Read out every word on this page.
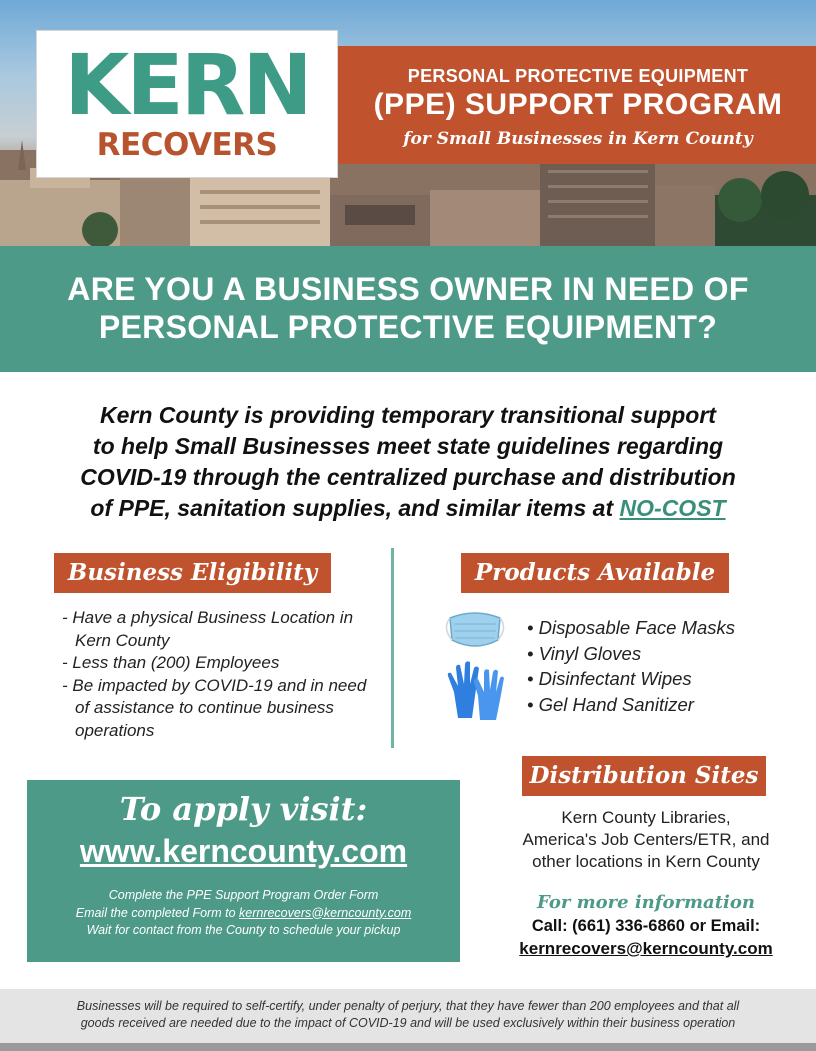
KERN
RECOVERS
PERSONAL PROTECTIVE EQUIPMENT
(PPE) SUPPORT PROGRAM
for Small Businesses in Kern County
ARE YOU A BUSINESS OWNER IN NEED OF
PERSONAL PROTECTIVE EQUIPMENT?
Kern County is providing temporary transitional support
to help Small Businesses meet state guidelines regarding
COVID-19 through the centralized purchase and distribution
of PPE, sanitation supplies, and similar items at NO-COST
Business Eligibility
- Have a physical Business Location in Kern County
- Less than (200) Employees
- Be impacted by COVID-19 and in need of assistance to continue business operations
Products Available
• Disposable Face Masks
• Vinyl Gloves
• Disinfectant Wipes
• Gel Hand Sanitizer
To apply visit:
www.kerncounty.com
Complete the PPE Support Program Order Form
Email the completed Form to kernrecovers@kerncounty.com
Wait for contact from the County to schedule your pickup
Distribution Sites
Kern County Libraries,
America's Job Centers/ETR, and
other locations in Kern County
For more information
Call: (661) 336-6860 or Email:
kernrecovers@kerncounty.com
Businesses will be required to self-certify, under penalty of perjury, that they have fewer than 200 employees and that all
goods received are needed due to the impact of COVID-19 and will be used exclusively within their business operation
